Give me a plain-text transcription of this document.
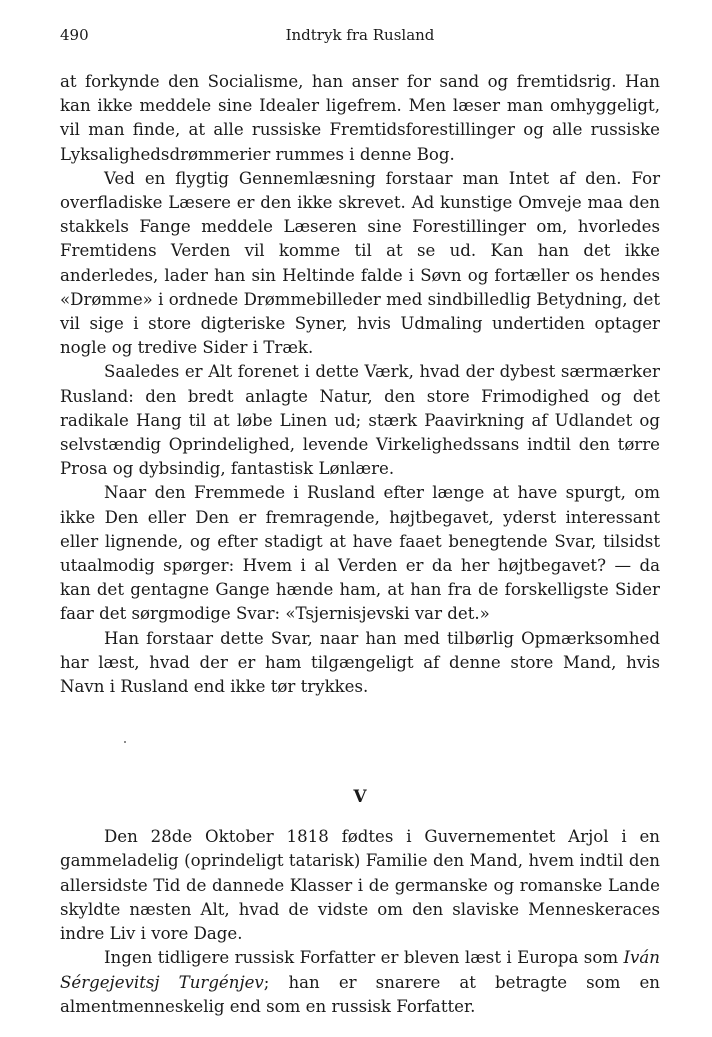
490	Indtryk fra Rusland

at forkynde den Socialisme, han anser for sand og fremtidsrig. Han kan ikke meddele sine Idealer ligefrem. Men læser man omhyggeligt, vil man finde, at alle russiske Fremtidsforestillinger og alle russiske Lyksalighedsdrømmerier rummes i denne Bog.

Ved en flygtig Gennemlæsning forstaar man Intet af den. For overfladiske Læsere er den ikke skrevet. Ad kunstige Omveje maa den stakkels Fange meddele Læseren sine Forestillinger om, hvorledes Fremtidens Verden vil komme til at se ud. Kan han det ikke anderledes, lader han sin Heltinde falde i Søvn og fortæller os hendes «Drømme» i ordnede Drømmebilleder med sindbilledlig Betydning, det vil sige i store digteriske Syner, hvis Udmaling undertiden optager nogle og tredive Sider i Træk.

Saaledes er Alt forenet i dette Værk, hvad der dybest særmærker Rusland: den bredt anlagte Natur, den store Frimodighed og det radikale Hang til at løbe Linen ud; stærk Paavirkning af Udlandet og selvstændig Oprindelighed, levende Virkelighedssans indtil den tørre Prosa og dybsindig, fantastisk Lønlære.

Naar den Fremmede i Rusland efter længe at have spurgt, om ikke Den eller Den er fremragende, højtbegavet, yderst interessant eller lignende, og efter stadigt at have faaet benegtende Svar, tilsidst utaalmodig spørger: Hvem i al Verden er da her højtbegavet? — da kan det gentagne Gange hænde ham, at han fra de forskelligste Sider faar det sørgmodige Svar: «Tsjernisjevski var det.»

Han forstaar dette Svar, naar han med tilbørlig Opmærksomhed har læst, hvad der er ham tilgængeligt af denne store Mand, hvis Navn i Rusland end ikke tør trykkes.

V

Den 28de Oktober 1818 fødtes i Guvernementet Arjol i en gammeladelig (oprindeligt tatarisk) Familie den Mand, hvem indtil den allersidste Tid de dannede Klasser i de germanske og romanske Lande skyldte næsten Alt, hvad de vidste om den slaviske Menneskeraces indre Liv i vore Dage.

Ingen tidligere russisk Forfatter er bleven læst i Europa som Iván Sérgejevitsj Turgénjev; han er snarere at betragte som en almentmenneskelig end som en russisk Forfatter.
